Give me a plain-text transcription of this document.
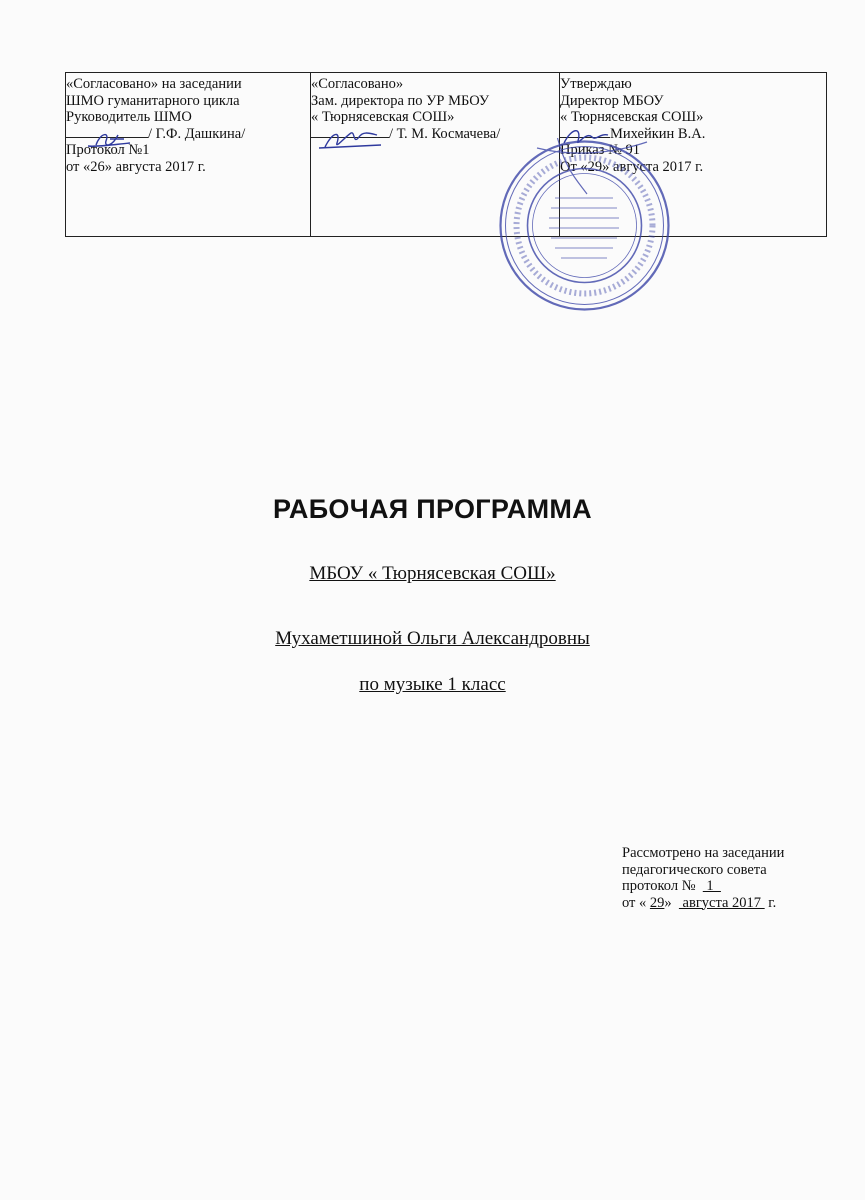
«Согласовано» на заседании
ШМО гуманитарного цикла
Руководитель ШМО
/ Г.Ф. Дашкина/
Протокол №1
от «26» августа 2017 г.

«Согласовано»
Зам. директора по УР МБОУ
« Тюрнясевская СОШ»
/ Т. М. Космачева/

Утверждаю
Директор МБОУ
« Тюрнясевская СОШ»
Михейкин В.А.
Приказ № 91
От «29» августа 2017 г.
РАБОЧАЯ ПРОГРАММА
МБОУ « Тюрнясевская СОШ»
Мухаметшиной Ольги Александровны
по музыке 1 класс
Рассмотрено на заседании
педагогического совета
протокол №   1
от « 29»   августа 2017  г.
